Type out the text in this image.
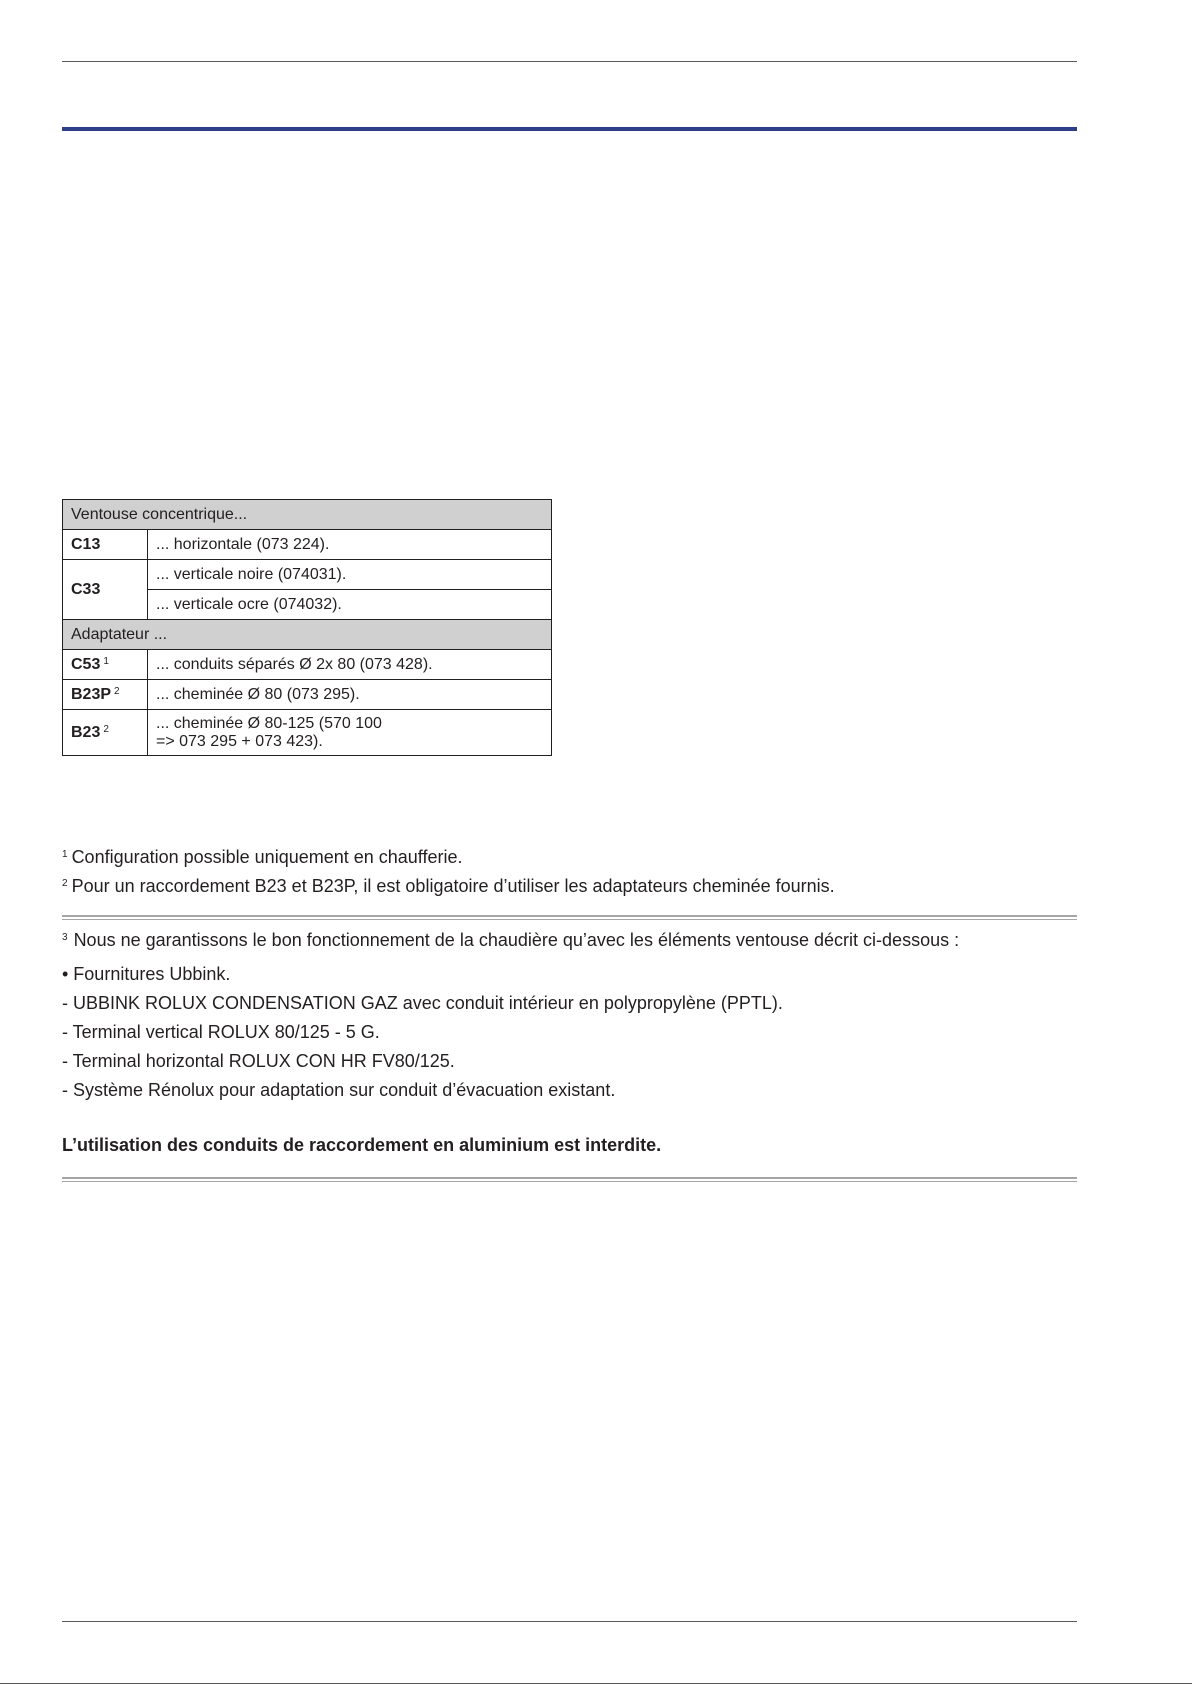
Ventouse concentrique...	
C13	... horizontale (073 224).
C33	... verticale noire (074031).
	... verticale ocre (074032).
Adaptateur ...	
C53 $^1$	... conduits séparés Ø 2x 80 (073 428).
B23P $^2$	... cheminée Ø 80 (073 295).
B23 $^2$	... cheminée Ø 80-125 (570 100
=> 073 295 + 073 423).
$^1$ Configuration possible uniquement en chaufferie.
$^2$ Pour un raccordement B23 et B23P, il est obligatoire d’utiliser les adaptateurs cheminée fournis.
$^3$ Nous ne garantissons le bon fonctionnement de la chaudière qu’avec les éléments ventouse décrit ci-dessous :
• Fournitures Ubbink.
- UBBINK ROLUX CONDENSATION GAZ avec conduit intérieur en polypropylène (PPTL).
- Terminal vertical ROLUX 80/125 - 5 G.
- Terminal horizontal ROLUX CON HR FV80/125.
- Système Rénolux pour adaptation sur conduit d’évacuation existant.
L’utilisation des conduits de raccordement en aluminium est interdite.
